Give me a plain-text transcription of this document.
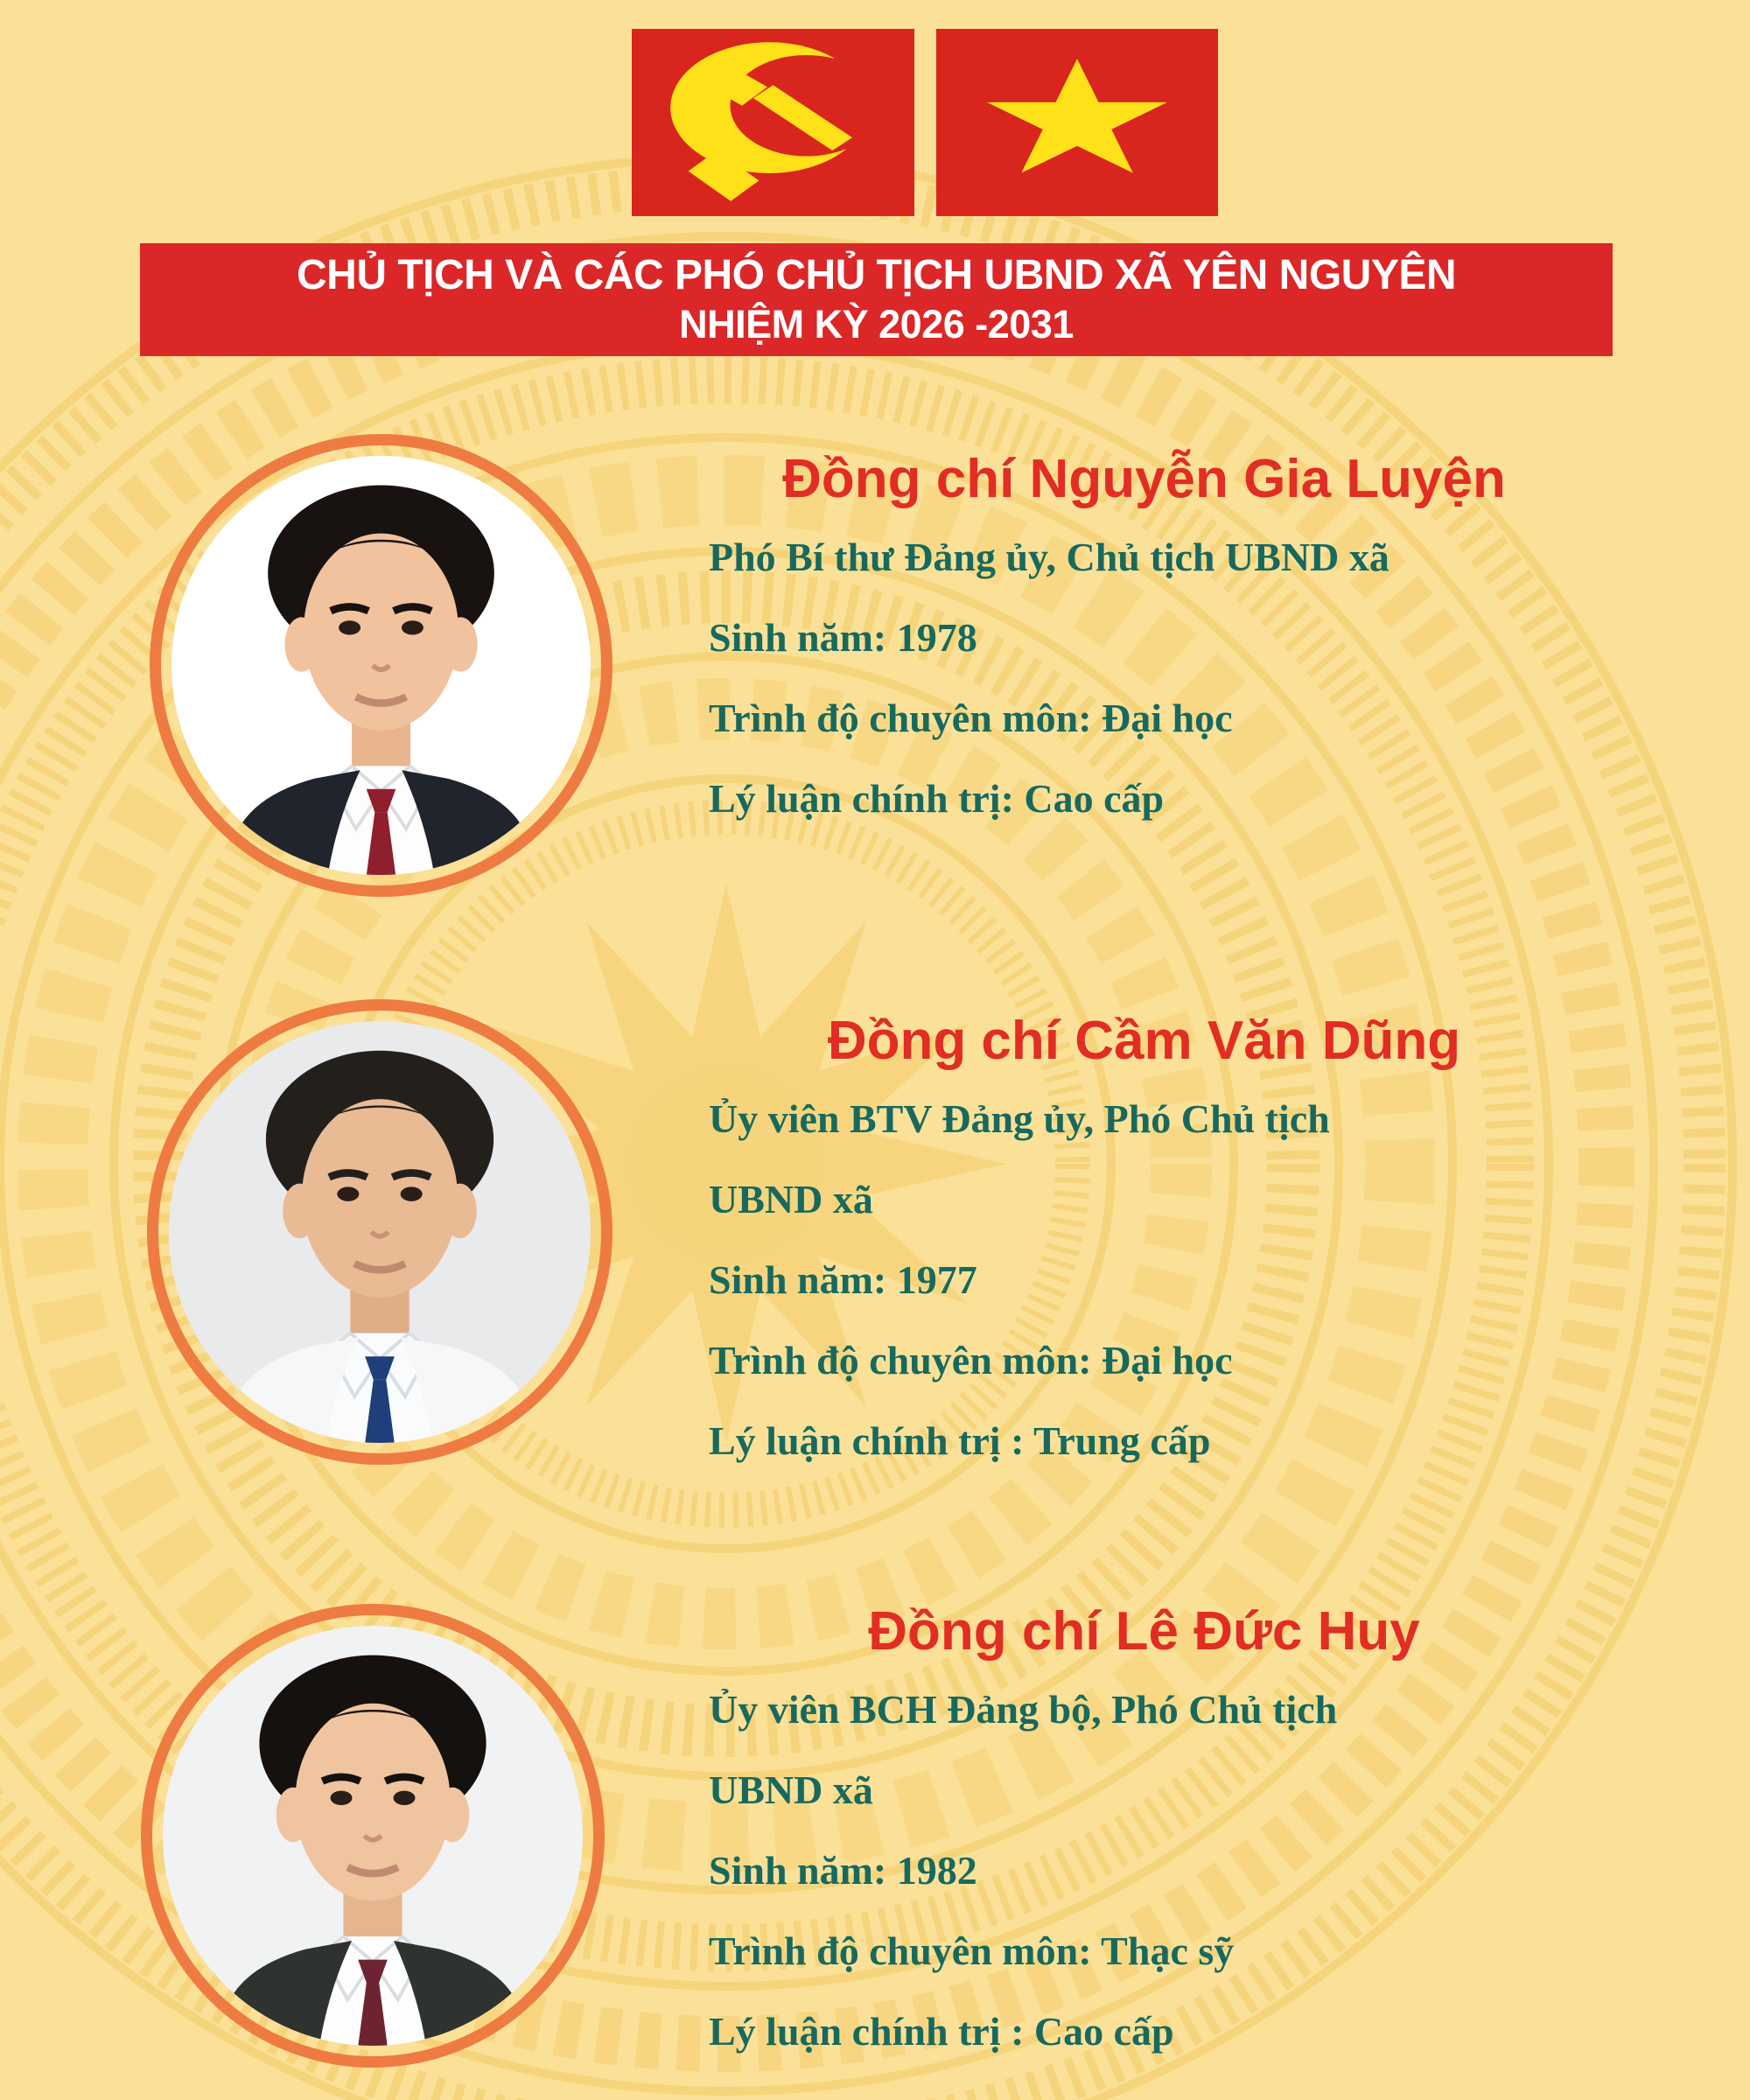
CHỦ TỊCH VÀ CÁC PHÓ CHỦ TỊCH UBND XÃ YÊN NGUYÊN
NHIỆM KỲ 2026 -2031
Đồng chí Nguyễn Gia Luyện

Phó Bí thư Đảng ủy, Chủ tịch UBND xã

Sinh năm: 1978

Trình độ chuyên môn: Đại học

Lý luận chính trị: Cao cấp

Đồng chí Cầm Văn Dũng

Ủy viên BTV Đảng ủy, Phó Chủ tịch

UBND xã

Sinh năm: 1977

Trình độ chuyên môn: Đại học

Lý luận chính trị : Trung cấp

Đồng chí Lê Đức Huy

Ủy viên BCH Đảng bộ, Phó Chủ tịch

UBND xã

Sinh năm: 1982

Trình độ chuyên môn: Thạc sỹ

Lý luận chính trị : Cao cấp
